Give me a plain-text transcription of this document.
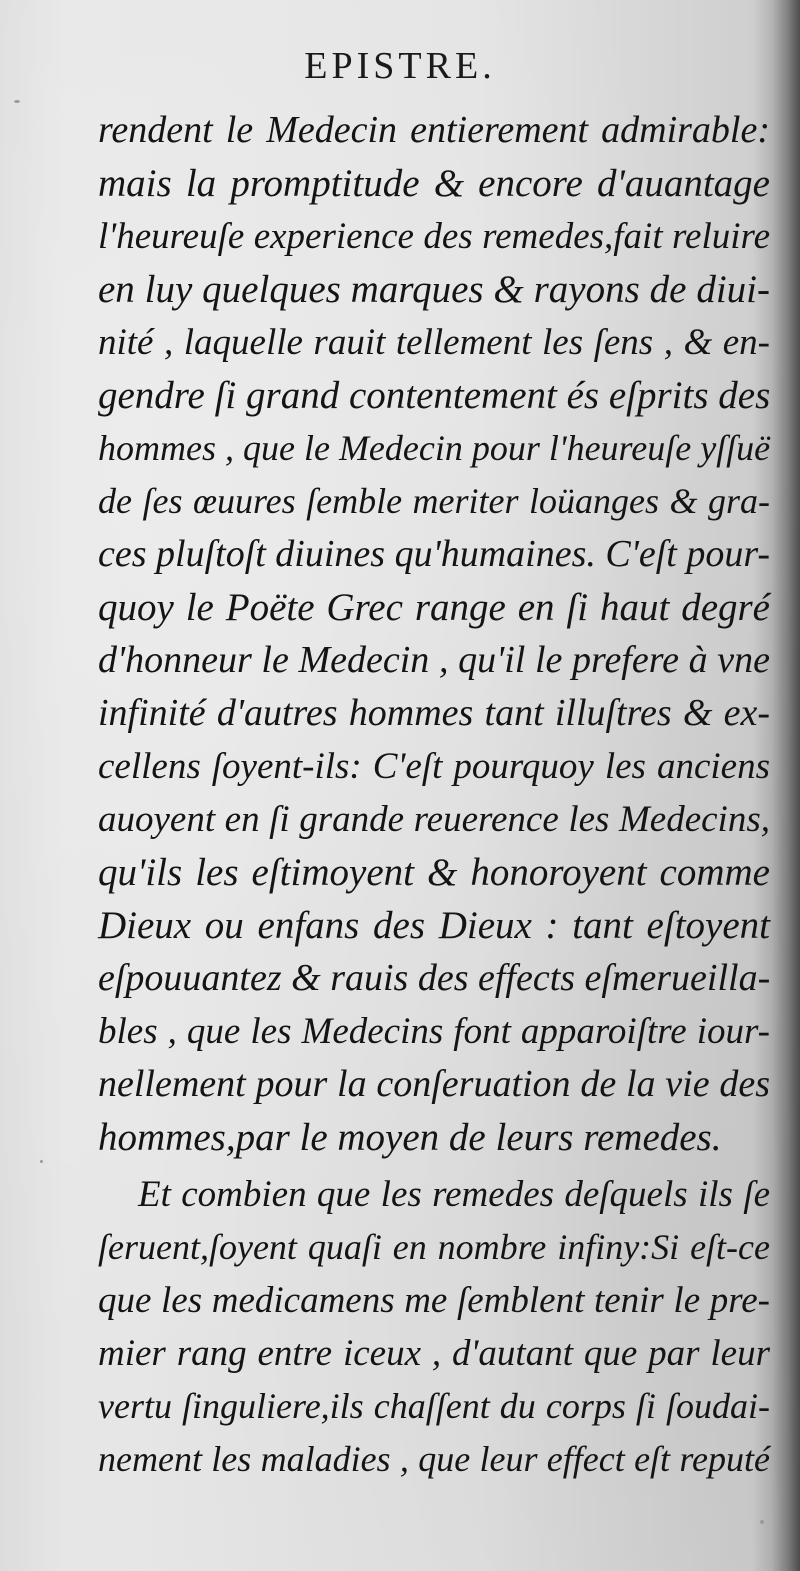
EPISTRE.
rendent le Medecin entierement admirable:
mais la promptitude & encore d'auantage
l'heureuſe experience des remedes,fait reluire
en luy quelques marques & rayons de diui-
nité , laquelle rauit tellement les ſens , & en-
gendre ſi grand contentement és eſprits des
hommes , que le Medecin pour l'heureuſe yſſuë
de ſes œuures ſemble meriter loüanges & gra-
ces pluſtoſt diuines qu'humaines. C'eſt pour-
quoy le Poëte Grec range en ſi haut degré
d'honneur le Medecin , qu'il le prefere à vne
infinité d'autres hommes tant illuſtres & ex-
cellens ſoyent-ils: C'eſt pourquoy les anciens
auoyent en ſi grande reuerence les Medecins,
qu'ils les eſtimoyent & honoroyent comme
Dieux ou enfans des Dieux : tant eſtoyent
eſpouuantez & rauis des effects eſmerueilla-
bles , que les Medecins font apparoiſtre iour-
nellement pour la conſeruation de la vie des
hommes,par le moyen de leurs remedes.
Et combien que les remedes deſquels ils ſe
ſeruent,ſoyent quaſi en nombre infiny:Si eſt-ce
que les medicamens me ſemblent tenir le pre-
mier rang entre iceux , d'autant que par leur
vertu ſinguliere,ils chaſſent du corps ſi ſoudai-
nement les maladies , que leur effect eſt reputé
